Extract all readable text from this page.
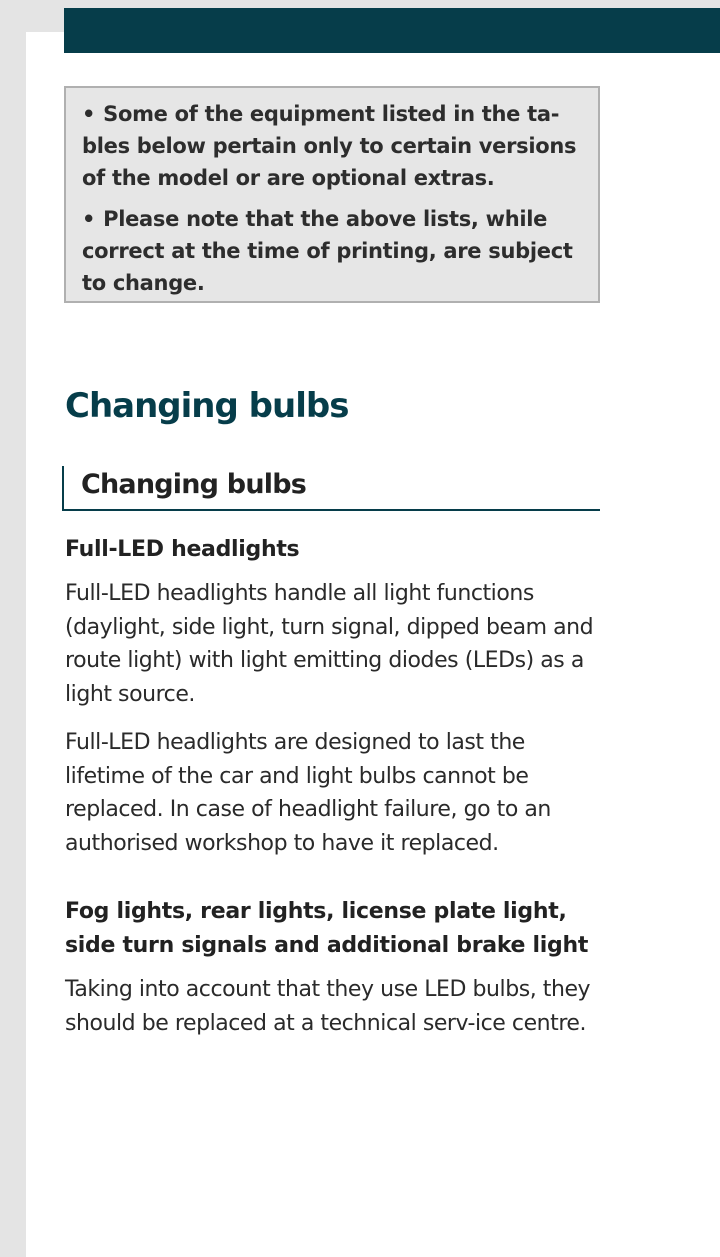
• Some of the equipment listed in the ta-bles below pertain only to certain versions of the model or are optional extras.
• Please note that the above lists, while correct at the time of printing, are subject to change.
Changing bulbs
Changing bulbs
Full-LED headlights

Full-LED headlights handle all light functions (daylight, side light, turn signal, dipped beam and route light) with light emitting diodes (LEDs) as a light source.

Full-LED headlights are designed to last the lifetime of the car and light bulbs cannot be replaced. In case of headlight failure, go to an authorised workshop to have it replaced.

Fog lights, rear lights, license plate light, side turn signals and additional brake light

Taking into account that they use LED bulbs, they should be replaced at a technical serv-ice centre.
